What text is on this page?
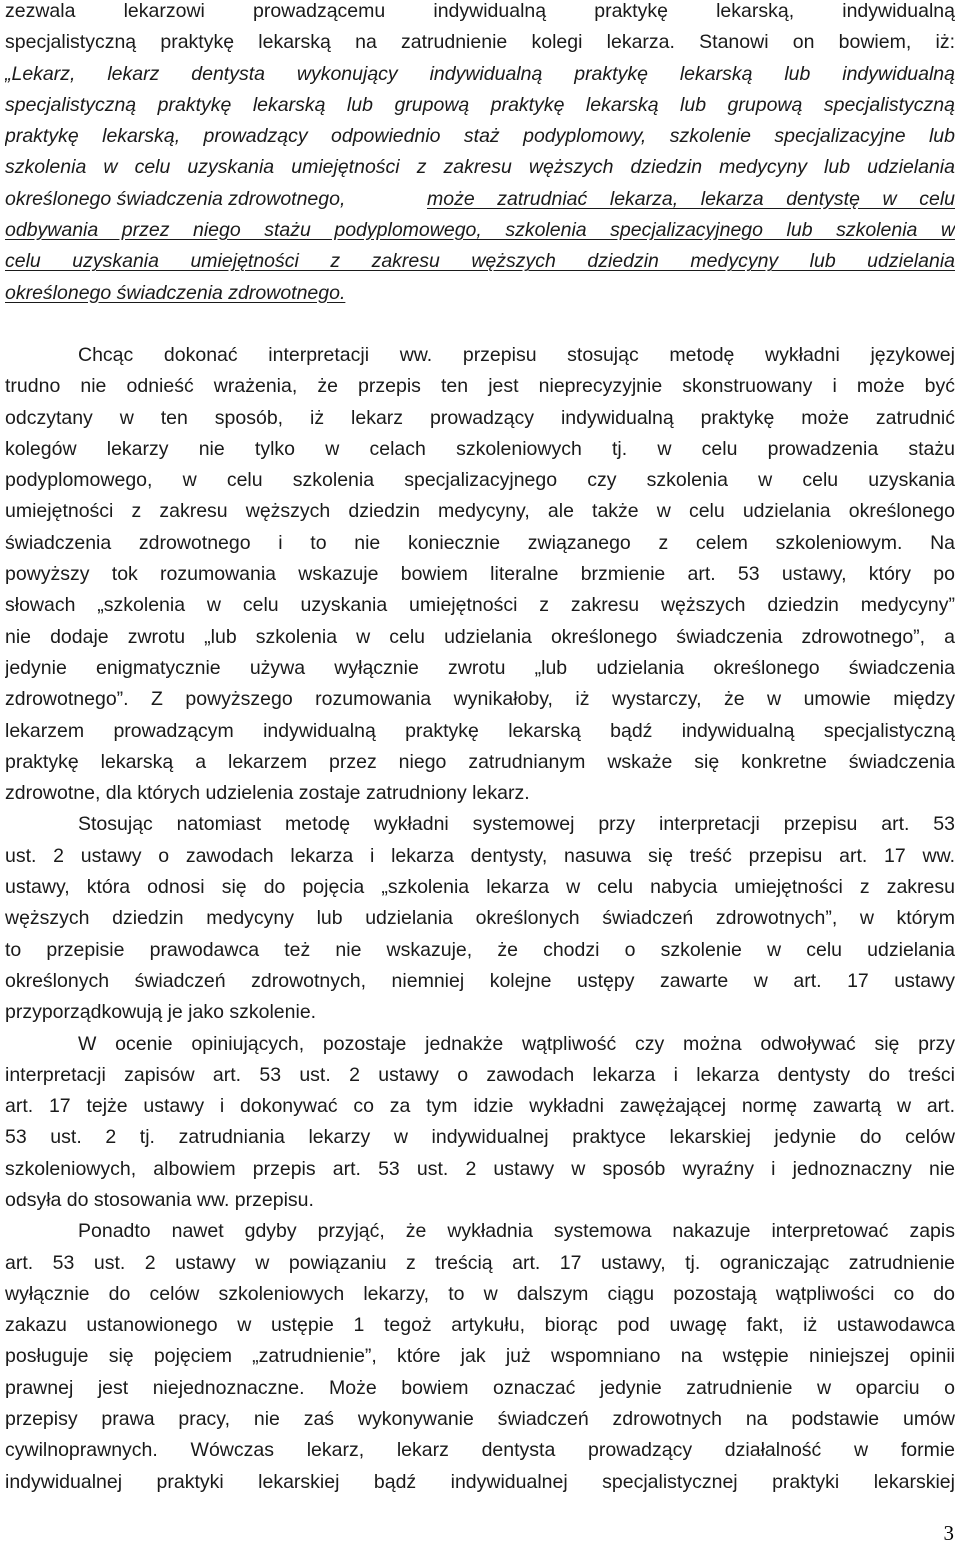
zezwala lekarzowi prowadzącemu indywidualną praktykę lekarską, indywidualną
specjalistyczną praktykę lekarską na zatrudnienie kolegi lekarza. Stanowi on bowiem, iż:
„Lekarz, lekarz dentysta wykonujący indywidualną praktykę lekarską lub indywidualną
specjalistyczną praktykę lekarską lub grupową praktykę lekarską lub grupową specjalistyczną
praktykę lekarską, prowadzący odpowiednio staż podyplomowy, szkolenie specjalizacyjne lub
szkolenia w celu uzyskania umiejętności z zakresu węższych dziedzin medycyny lub udzielania
określonego świadczenia zdrowotnego,	może zatrudniać lekarza, lekarza dentystę w celu
odbywania przez niego stażu podyplomowego, szkolenia specjalizacyjnego lub szkolenia w
celu uzyskania umiejętności z zakresu węższych dziedzin medycyny lub udzielania
określonego świadczenia zdrowotnego.
Chcąc dokonać interpretacji ww. przepisu stosując metodę wykładni językowej
trudno nie odnieść wrażenia, że przepis ten jest nieprecyzyjnie skonstruowany i może być
odczytany w ten sposób, iż lekarz prowadzący indywidualną praktykę może zatrudnić
kolegów lekarzy nie tylko w celach szkoleniowych tj. w celu prowadzenia stażu
podyplomowego, w celu szkolenia specjalizacyjnego czy szkolenia w celu uzyskania
umiejętności z zakresu węższych dziedzin medycyny, ale także w celu udzielania określonego
świadczenia zdrowotnego i to nie koniecznie związanego z celem szkoleniowym. Na
powyższy tok rozumowania wskazuje bowiem literalne brzmienie art. 53 ustawy, który po
słowach „szkolenia w celu uzyskania umiejętności z zakresu węższych dziedzin medycyny”
nie dodaje zwrotu „lub szkolenia w celu udzielania określonego świadczenia zdrowotnego”, a
jedynie enigmatycznie używa wyłącznie zwrotu „lub udzielania określonego świadczenia
zdrowotnego”. Z powyższego rozumowania wynikałoby, iż wystarczy, że w umowie między
lekarzem prowadzącym indywidualną praktykę lekarską bądź indywidualną specjalistyczną
praktykę lekarską a lekarzem przez niego zatrudnianym wskaże się konkretne świadczenia
zdrowotne, dla których udzielenia zostaje zatrudniony lekarz.
Stosując natomiast metodę wykładni systemowej przy interpretacji przepisu art. 53
ust. 2 ustawy o zawodach lekarza i lekarza dentysty, nasuwa się treść przepisu art. 17 ww.
ustawy, która odnosi się do pojęcia „szkolenia lekarza w celu nabycia umiejętności z zakresu
węższych dziedzin medycyny lub udzielania określonych świadczeń zdrowotnych”, w którym
to przepisie prawodawca też nie wskazuje, że chodzi o szkolenie w celu udzielania
określonych świadczeń zdrowotnych, niemniej kolejne ustępy zawarte w art. 17 ustawy
przyporządkowują je jako szkolenie.
W ocenie opiniujących, pozostaje jednakże wątpliwość czy można odwoływać się przy
interpretacji zapisów art. 53 ust. 2 ustawy o zawodach lekarza i lekarza dentysty do treści
art. 17 tejże ustawy i dokonywać co za tym idzie wykładni zawężającej normę zawartą w art.
53 ust. 2 tj. zatrudniania lekarzy w indywidualnej praktyce lekarskiej jedynie do celów
szkoleniowych, albowiem przepis art. 53 ust. 2 ustawy w sposób wyraźny i jednoznaczny nie
odsyła do stosowania ww. przepisu.
Ponadto nawet gdyby przyjąć, że wykładnia systemowa nakazuje interpretować zapis
art. 53 ust. 2 ustawy w powiązaniu z treścią art. 17 ustawy, tj. ograniczając zatrudnienie
wyłącznie do celów szkoleniowych lekarzy, to w dalszym ciągu pozostają wątpliwości co do
zakazu ustanowionego w ustępie 1 tegoż artykułu, biorąc pod uwagę fakt, iż ustawodawca
posługuje się pojęciem „zatrudnienie”, które jak już wspomniano na wstępie niniejszej opinii
prawnej jest niejednoznaczne. Może bowiem oznaczać jedynie zatrudnienie w oparciu o
przepisy prawa pracy, nie zaś wykonywanie świadczeń zdrowotnych na podstawie umów
cywilnoprawnych. Wówczas lekarz, lekarz dentysta prowadzący działalność w formie
indywidualnej praktyki lekarskiej bądź indywidualnej specjalistycznej praktyki lekarskiej
3
